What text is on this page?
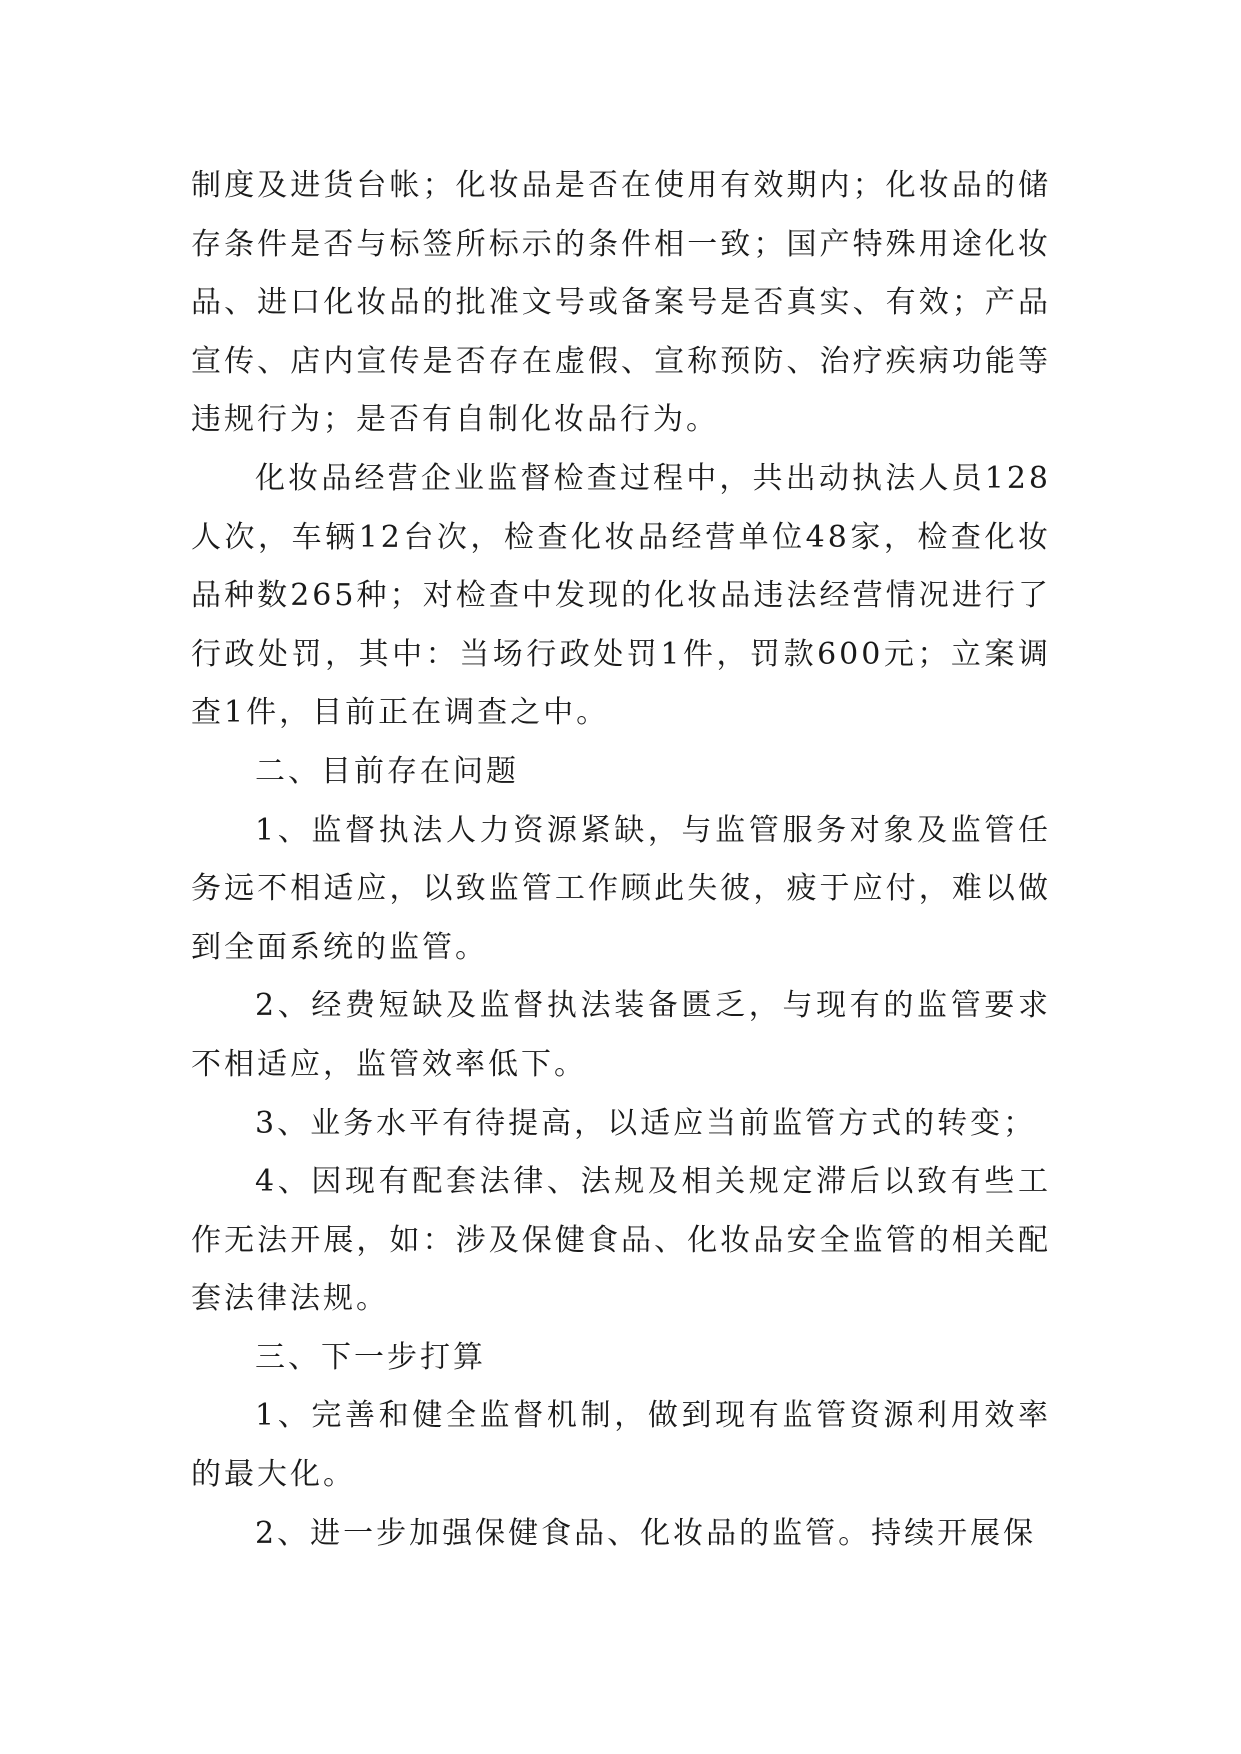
制度及进货台帐；化妆品是否在使用有效期内；化妆品的储存条件是否与标签所标示的条件相一致；国产特殊用途化妆品、进口化妆品的批准文号或备案号是否真实、有效；产品宣传、店内宣传是否存在虚假、宣称预防、治疗疾病功能等违规行为；是否有自制化妆品行为。

化妆品经营企业监督检查过程中，共出动执法人员128人次，车辆12台次，检查化妆品经营单位48家，检查化妆品种数265种；对检查中发现的化妆品违法经营情况进行了行政处罚，其中：当场行政处罚1件，罚款600元；立案调查1件，目前正在调查之中。

二、目前存在问题

1、监督执法人力资源紧缺，与监管服务对象及监管任务远不相适应，以致监管工作顾此失彼，疲于应付，难以做到全面系统的监管。

2、经费短缺及监督执法装备匮乏，与现有的监管要求不相适应，监管效率低下。

3、业务水平有待提高，以适应当前监管方式的转变；

4、因现有配套法律、法规及相关规定滞后以致有些工作无法开展，如：涉及保健食品、化妆品安全监管的相关配套法律法规。

三、下一步打算

1、完善和健全监督机制，做到现有监管资源利用效率的最大化。

2、进一步加强保健食品、化妆品的监管。持续开展保
